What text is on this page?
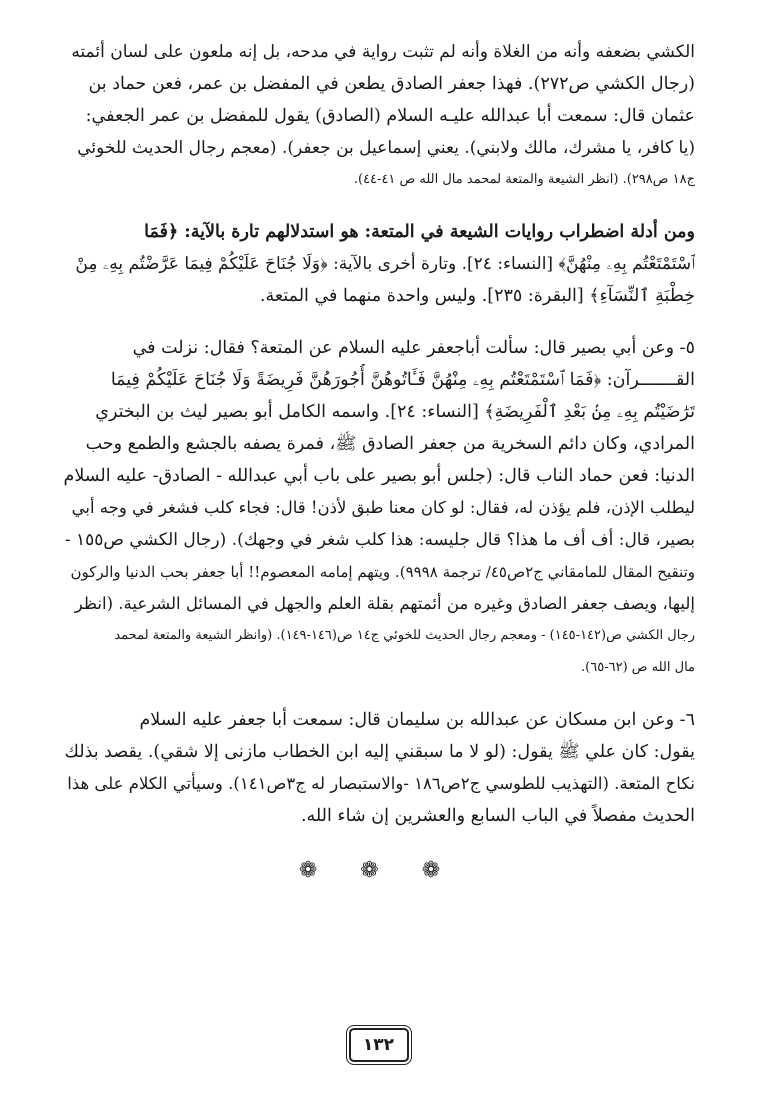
الكشي بضعفه وأنه من الغلاة وأنه لم تثبت رواية في مدحه، بل إنه ملعون على لسان أئمته
(رجال الكشي ص٢٧٢). فهذا جعفر الصادق يطعن في المفضل بن عمر، فعن حماد بن
عثمان قال: سمعت أبا عبدالله عليـه السلام (الصادق) يقول للمفضل بن عمر الجعفي:
(يا كافر، يا مشرك، مالك ولابني). يعني إسماعيل بن جعفر). (معجم رجال الحديث للخوئي
ج١٨ ص٢٩٨). (انظر الشيعة والمتعة لمحمد مال الله ص ٤١-٤٤).

ومن أدلة اضطراب روايات الشيعة في المتعة: هو استدلالهم تارة بالآية: ﴿فَمَا
ٱسْتَمْتَعْتُم بِهِۦ مِنْهُنَّ﴾ [النساء: ٢٤]. وتارة أخرى بالآية: ﴿وَلَا جُنَاحَ عَلَيْكُمْ فِيمَا عَرَّضْتُم بِهِۦ مِنْ
خِطْبَةِ ٱلنِّسَآءِ﴾ [البقرة: ٢٣٥]. وليس واحدة منهما في المتعة.

٥- وعن أبي بصير قال: سألت أباجعفر عليه السلام عن المتعة؟ فقال: نزلت في
القـــــــرآن: ﴿فَمَا ٱسْتَمْتَعْتُم بِهِۦ مِنْهُنَّ فَـَٔاتُوهُنَّ أُجُورَهُنَّ فَرِيضَةً وَلَا جُنَاحَ عَلَيْكُمْ فِيمَا
تَرَٰضَيْتُم بِهِۦ مِنۢ بَعْدِ ٱلْفَرِيضَةِ﴾ [النساء: ٢٤]. واسمه الكامل أبو بصير ليث بن البختري
المرادي، وكان دائم السخرية من جعفر الصادق ﷺ، فمرة يصفه بالجشع والطمع وحب
الدنيا: فعن حماد الناب قال: (جلس أبو بصير على باب أبي عبدالله - الصادق- عليه السلام
ليطلب الإذن، فلم يؤذن له، فقال: لو كان معنا طبق لأذن! قال: فجاء كلب فشغر في وجه أبي
بصير، قال: أف أف ما هذا؟ قال جليسه: هذا كلب شغر في وجهك). (رجال الكشي ص١٥٥ -
وتنقيح المقال للمامقاني ج٢ص٤٥/ ترجمة ٩٩٩٨). ويتهم إمامه المعصوم!! أبا جعفر بحب الدنيا والركون
إليها، ويصف جعفر الصادق وغيره من أئمتهم بقلة العلم والجهل في المسائل الشرعية. (انظر
رجال الكشي ص(١٤٢-١٤٥) - ومعجم رجال الحديث للخوئي ج١٤ ص(١٤٦-١٤٩). (وانظر الشيعة والمتعة لمحمد
مال الله ص (٦٢-٦٥).

٦- وعن ابن مسكان عن عبدالله بن سليمان قال: سمعت أبا جعفر عليه السلام
يقول: كان علي ﷺ يقول: (لو لا ما سبقني إليه ابن الخطاب مازنى إلا شقي). يقصد بذلك
نكاح المتعة. (التهذيب للطوسي ج٢ص١٨٦ -والاستبصار له ج٣ص١٤١). وسيأتي الكلام على هذا
الحديث مفصلاً في الباب السابع والعشرين إن شاء الله.

❁ ❁ ❁
١٣٢
